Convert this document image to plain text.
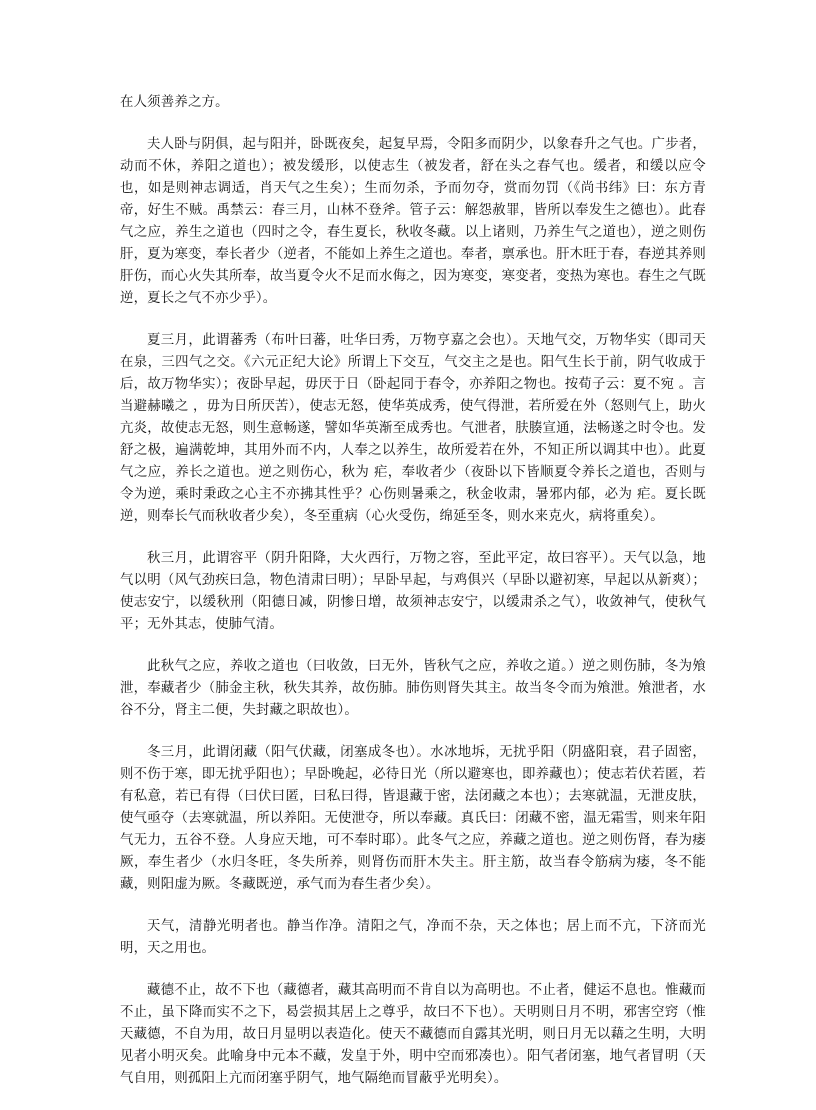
在人须善养之方。

夫人卧与阴俱，起与阳并，卧既夜矣，起复早焉，令阳多而阴少，以象春升之气也。广步者，动而不休，养阳之道也）；被发缓形，以使志生（被发者，舒在头之春气也。缓者，和缓以应令也，如是则神志调适，肖天气之生矣）；生而勿杀，予而勿夺，赏而勿罚（《尚书纬》曰：东方青帝，好生不贼。禹禁云：春三月，山林不登斧。管子云：解怨赦罪，皆所以奉发生之德也）。此春气之应，养生之道也（四时之令，春生夏长，秋收冬藏。以上诸则，乃养生气之道也），逆之则伤肝，夏为寒变，奉长者少（逆者，不能如上养生之道也。奉者，禀承也。肝木旺于春，春逆其养则肝伤，而心火失其所奉，故当夏令火不足而水侮之，因为寒变，寒变者，变热为寒也。春生之气既逆，夏长之气不亦少乎）。

夏三月，此谓蕃秀（布叶曰蕃，吐华曰秀，万物亨嘉之会也）。天地气交，万物华实（即司天在泉，三四气之交。《六元正纪大论》所谓上下交互，气交主之是也。阳气生长于前，阴气收成于后，故万物华实）；夜卧早起，毋厌于日（卧起同于春令，亦养阳之物也。按荀子云：夏不宛 。言当避赫曦之 ，毋为日所厌苦），使志无怒，使华英成秀，使气得泄，若所爱在外（怒则气上，助火亢炎，故使志无怒，则生意畅遂，譬如华英渐至成秀也。气泄者，肤腠宣通，法畅遂之时令也。发舒之极，遍满乾坤，其用外而不内，人奉之以养生，故所爱若在外，不知正所以调其中也）。此夏气之应，养长之道也。逆之则伤心，秋为 疟，奉收者少（夜卧以下皆顺夏令养长之道也，否则与令为逆，乘时秉政之心主不亦拂其性乎？心伤则暑乘之，秋金收肃，暑邪内郁，必为 疟。夏长既逆，则奉长气而秋收者少矣），冬至重病（心火受伤，绵延至冬，则水来克火，病将重矣）。

秋三月，此谓容平（阴升阳降，大火西行，万物之容，至此平定，故曰容平）。天气以急，地气以明（风气劲疾曰急，物色清肃曰明）；早卧早起，与鸡俱兴（早卧以避初寒，早起以从新爽）；使志安宁，以缓秋刑（阳德日减，阴惨日增，故须神志安宁，以缓肃杀之气），收敛神气，使秋气平；无外其志，使肺气清。

此秋气之应，养收之道也（曰收敛，曰无外，皆秋气之应，养收之道。）逆之则伤肺，冬为飧泄，奉藏者少（肺金主秋，秋失其养，故伤肺。肺伤则肾失其主。故当冬令而为飧泄。飧泄者，水谷不分，肾主二便，失封藏之职故也）。

冬三月，此谓闭藏（阳气伏藏，闭塞成冬也）。水冰地坼，无扰乎阳（阴盛阳衰，君子固密，则不伤于寒，即无扰乎阳也）；早卧晚起，必待日光（所以避寒也，即养藏也）；使志若伏若匿，若有私意，若已有得（曰伏曰匿，曰私曰得，皆退藏于密，法闭藏之本也）；去寒就温，无泄皮肤，使气亟夺（去寒就温，所以养阳。无使泄夺，所以奉藏。真氏曰：闭藏不密，温无霜雪，则来年阳气无力，五谷不登。人身应天地，可不奉时耶）。此冬气之应，养藏之道也。逆之则伤肾，春为痿厥，奉生者少（水归冬旺，冬失所养，则肾伤而肝木失主。肝主筋，故当春令筋病为痿，冬不能藏，则阳虚为厥。冬藏既逆，承气而为春生者少矣）。

天气，清静光明者也。静当作净。清阳之气，净而不杂，天之体也；居上而不亢，下济而光明，天之用也。

藏德不止，故不下也（藏德者，藏其高明而不肯自以为高明也。不止者，健运不息也。惟藏而不止，虽下降而实不之下，曷尝损其居上之尊乎，故曰不下也）。天明则日月不明，邪害空窍（惟天藏德，不自为用，故日月显明以表造化。使天不藏德而自露其光明，则日月无以藉之生明，大明见者小明灭矣。此喻身中元本不藏，发皇于外，明中空而邪凑也）。阳气者闭塞，地气者冒明（天气自用，则孤阳上亢而闭塞乎阴气，地气隔绝而冒蔽乎光明矣）。
